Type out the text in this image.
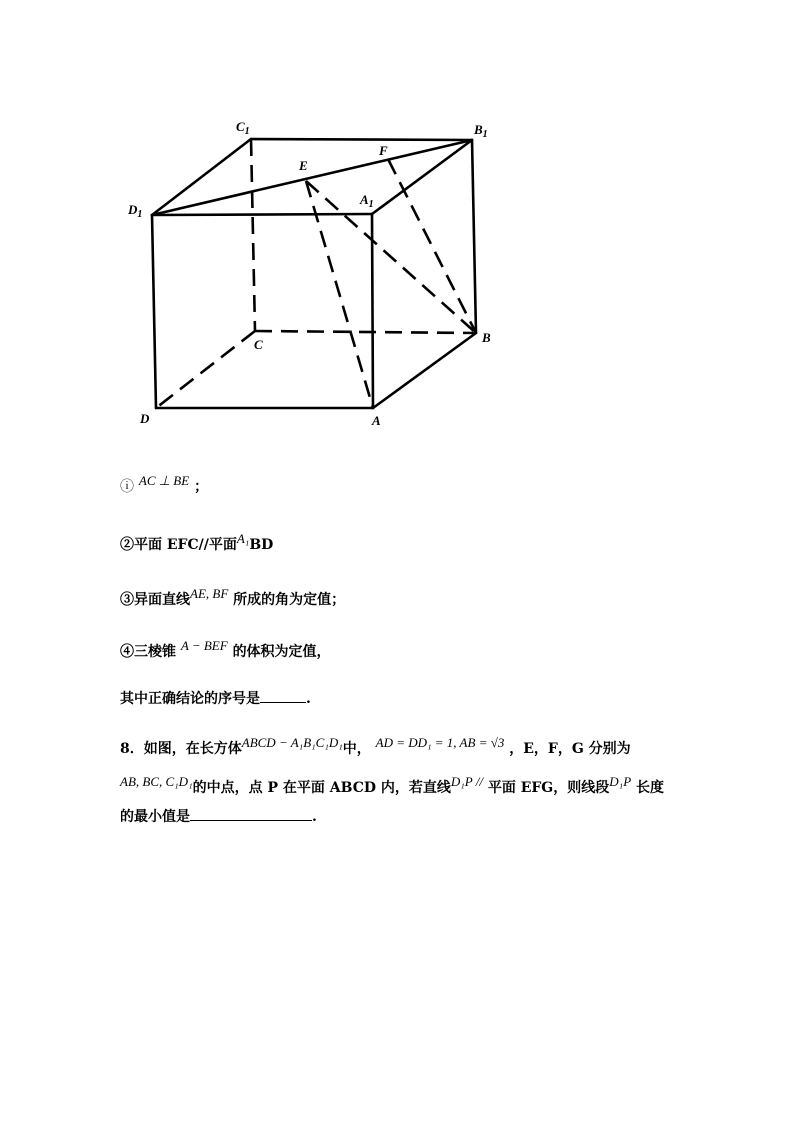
$C_1$	$B_1$
$D_1$
$A_1$
E
F
C	B
D	A
ⓘ AC ⊥ BE ；
②平面 EFC//平面A₁BD
③异面直线AE, BF 所成的角为定值；
④三棱锥 A − BEF 的体积为定值，
其中正确结论的序号是	.
8．如图，在长方体ABCD − A₁B₁C₁D₁中， AD = DD₁ = 1, AB = √3 ，E，F，G 分别为
AB, BC, C₁D₁的中点，点 P 在平面 ABCD 内，若直线D₁P // 平面 EFG，则线段D₁P 长度
的最小值是	.
